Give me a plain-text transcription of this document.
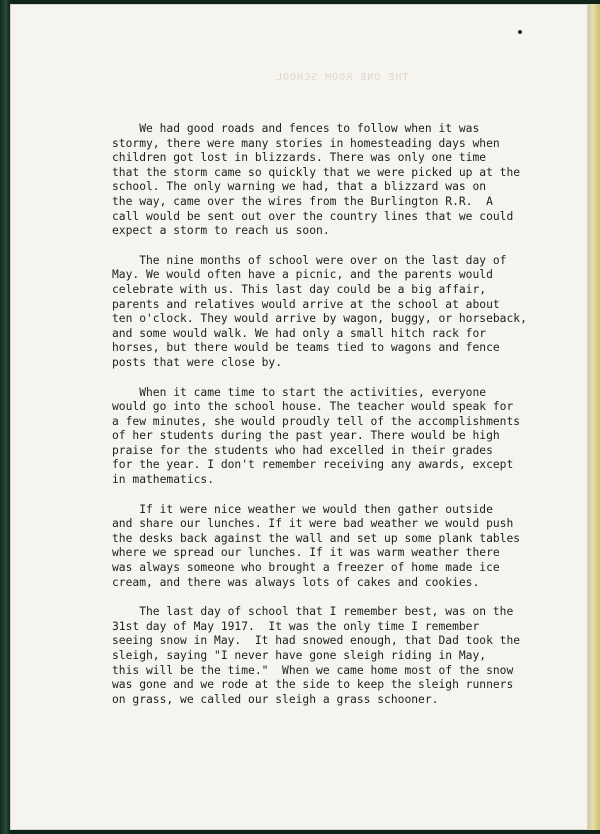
THE ONE ROOM SCHOOL
We had good roads and fences to follow when it was
stormy, there were many stories in homesteading days when
children got lost in blizzards. There was only one time
that the storm came so quickly that we were picked up at the
school. The only warning we had, that a blizzard was on
the way, came over the wires from the Burlington R.R.  A
call would be sent out over the country lines that we could
expect a storm to reach us soon.
The nine months of school were over on the last day of
May. We would often have a picnic, and the parents would
celebrate with us. This last day could be a big affair,
parents and relatives would arrive at the school at about
ten o'clock. They would arrive by wagon, buggy, or horseback,
and some would walk. We had only a small hitch rack for
horses, but there would be teams tied to wagons and fence
posts that were close by.
When it came time to start the activities, everyone
would go into the school house. The teacher would speak for
a few minutes, she would proudly tell of the accomplishments
of her students during the past year. There would be high
praise for the students who had excelled in their grades
for the year. I don't remember receiving any awards, except
in mathematics.
If it were nice weather we would then gather outside
and share our lunches. If it were bad weather we would push
the desks back against the wall and set up some plank tables
where we spread our lunches. If it was warm weather there
was always someone who brought a freezer of home made ice
cream, and there was always lots of cakes and cookies.
The last day of school that I remember best, was on the
31st day of May 1917.  It was the only time I remember
seeing snow in May.  It had snowed enough, that Dad took the
sleigh, saying "I never have gone sleigh riding in May,
this will be the time."  When we came home most of the snow
was gone and we rode at the side to keep the sleigh runners
on grass, we called our sleigh a grass schooner.
